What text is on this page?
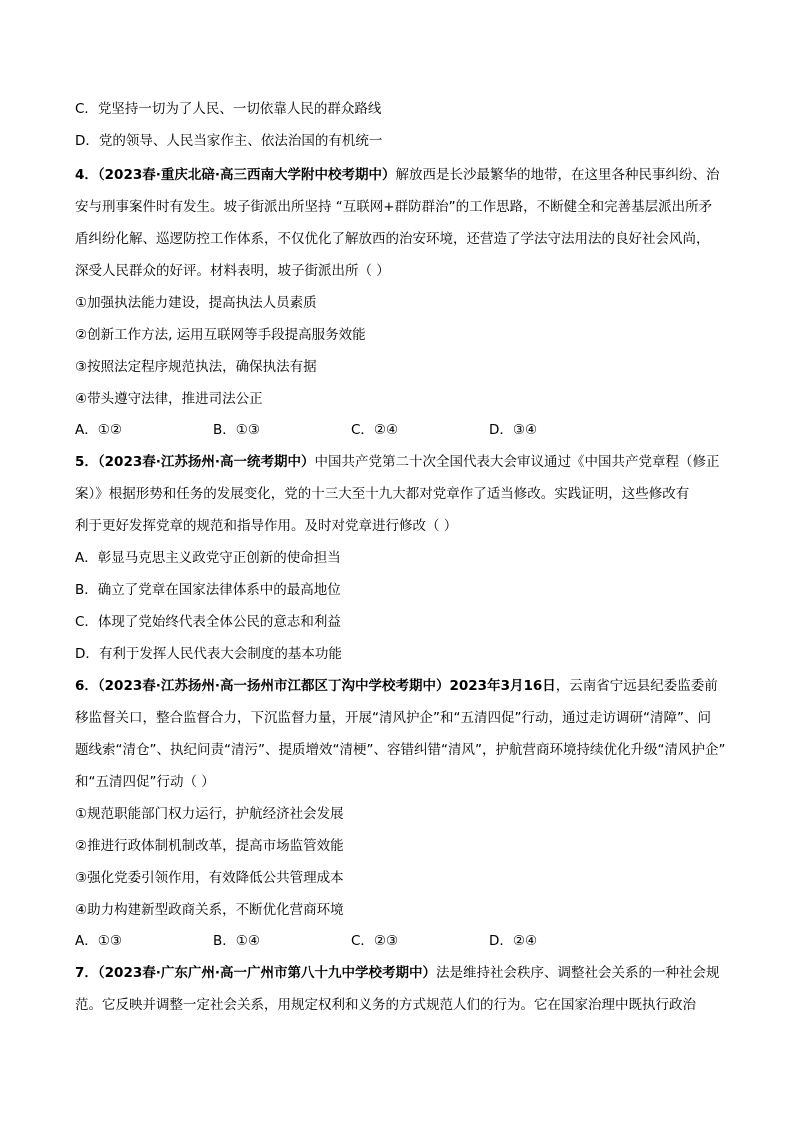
C．党坚持一切为了人民、一切依靠人民的群众路线
D．党的领导、人民当家作主、依法治国的有机统一
4．（2023春·重庆北碚·高三西南大学附中校考期中）解放西是长沙最繁华的地带，在这里各种民事纠纷、治
安与刑事案件时有发生。坡子街派出所坚持 “互联网+群防群治”的工作思路，不断健全和完善基层派出所矛
盾纠纷化解、巡逻防控工作体系，不仅优化了解放西的治安环境，还营造了学法守法用法的良好社会风尚，
深受人民群众的好评。材料表明，坡子街派出所（ ）
①加强执法能力建设，提高执法人员素质
②创新工作方法, 运用互联网等手段提高服务效能
③按照法定程序规范执法，确保执法有据
④带头遵守法律，推进司法公正
A．①②	B．①③	C．②④	D．③④
5．（2023春·江苏扬州·高一统考期中）中国共产党第二十次全国代表大会审议通过《中国共产党章程（修正
案）》根据形势和任务的发展变化，党的十三大至十九大都对党章作了适当修改。实践证明，这些修改有
利于更好发挥党章的规范和指导作用。及时对党章进行修改（ ）
A．彰显马克思主义政党守正创新的使命担当
B．确立了党章在国家法律体系中的最高地位
C．体现了党始终代表全体公民的意志和利益
D．有利于发挥人民代表大会制度的基本功能
6．（2023春·江苏扬州·高一扬州市江都区丁沟中学校考期中）2023年3月16日，云南省宁远县纪委监委前
移监督关口，整合监督合力，下沉监督力量，开展“清风护企”和“五清四促”行动，通过走访调研“清障”、问
题线索“清仓”、执纪问责“清污”、提质增效“清梗”、容错纠错“清风”，护航营商环境持续优化升级“清风护企”
和“五清四促”行动（ ）
①规范职能部门权力运行，护航经济社会发展
②推进行政体制机制改革，提高市场监管效能
③强化党委引领作用，有效降低公共管理成本
④助力构建新型政商关系，不断优化营商环境
A．①③	B．①④	C．②③	D．②④
7．（2023春·广东广州·高一广州市第八十九中学校考期中）法是维持社会秩序、调整社会关系的一种社会规
范。它反映并调整一定社会关系，用规定权利和义务的方式规范人们的行为。它在国家治理中既执行政治
